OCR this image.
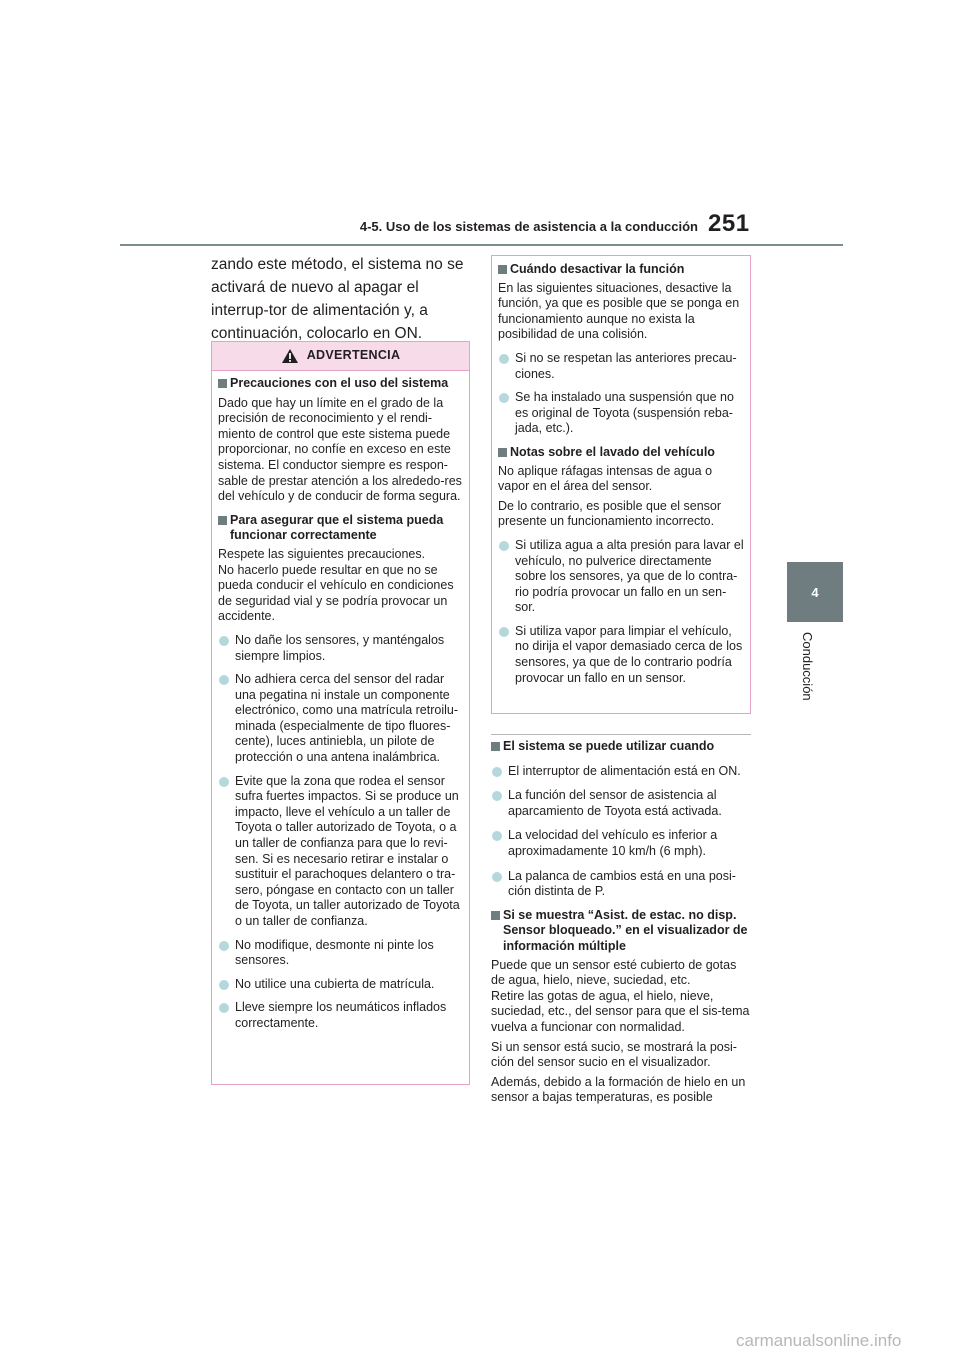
4-5. Uso de los sistemas de asistencia a la conducción 251
4
Conducción
zando este método, el sistema no se activará de nuevo al apagar el interrup-tor de alimentación y, a continuación, colocarlo en ON.
ADVERTENCIA
Precauciones con el uso del sistema

Dado que hay un límite en el grado de la precisión de reconocimiento y el rendi-miento de control que este sistema puede proporcionar, no confíe en exceso en este sistema. El conductor siempre es respon-sable de prestar atención a los alrededo-res del vehículo y de conducir de forma segura.

Para asegurar que el sistema pueda funcionar correctamente

Respete las siguientes precauciones.

No hacerlo puede resultar en que no se pueda conducir el vehículo en condiciones de seguridad vial y se podría provocar un accidente.

No dañe los sensores, y manténgalos siempre limpios.
No adhiera cerca del sensor del radar una pegatina ni instale un componente electrónico, como una matrícula retroilu-minada (especialmente de tipo fluores-cente), luces antiniebla, un pilote de protección o una antena inalámbrica.
Evite que la zona que rodea el sensor sufra fuertes impactos. Si se produce un impacto, lleve el vehículo a un taller de Toyota o taller autorizado de Toyota, o a un taller de confianza para que lo revi-sen. Si es necesario retirar e instalar o sustituir el parachoques delantero o tra-sero, póngase en contacto con un taller de Toyota, un taller autorizado de Toyota o un taller de confianza.
No modifique, desmonte ni pinte los sensores.
No utilice una cubierta de matrícula.
Lleve siempre los neumáticos inflados correctamente.
Cuándo desactivar la función

En las siguientes situaciones, desactive la función, ya que es posible que se ponga en funcionamiento aunque no exista la posibilidad de una colisión.

Si no se respetan las anteriores precau-ciones.
Se ha instalado una suspensión que no es original de Toyota (suspensión reba-jada, etc.).
Notas sobre el lavado del vehículo

No aplique ráfagas intensas de agua o vapor en el área del sensor.

De lo contrario, es posible que el sensor presente un funcionamiento incorrecto.

Si utiliza agua a alta presión para lavar el vehículo, no pulverice directamente sobre los sensores, ya que de lo contra-rio podría provocar un fallo en un sen-sor.
Si utiliza vapor para limpiar el vehículo, no dirija el vapor demasiado cerca de los sensores, ya que de lo contrario podría provocar un fallo en un sensor.
El sistema se puede utilizar cuando
El interruptor de alimentación está en ON.
La función del sensor de asistencia al aparcamiento de Toyota está activada.
La velocidad del vehículo es inferior a aproximadamente 10 km/h (6 mph).
La palanca de cambios está en una posi-ción distinta de P.
Si se muestra “Asist. de estac. no disp. Sensor bloqueado.” en el visualizador de información múltiple

Puede que un sensor esté cubierto de gotas de agua, hielo, nieve, suciedad, etc.

Retire las gotas de agua, el hielo, nieve, suciedad, etc., del sensor para que el sis-tema vuelva a funcionar con normalidad.

Si un sensor está sucio, se mostrará la posi-ción del sensor sucio en el visualizador.

Además, debido a la formación de hielo en un sensor a bajas temperaturas, es posible

carmanualsonline.info
